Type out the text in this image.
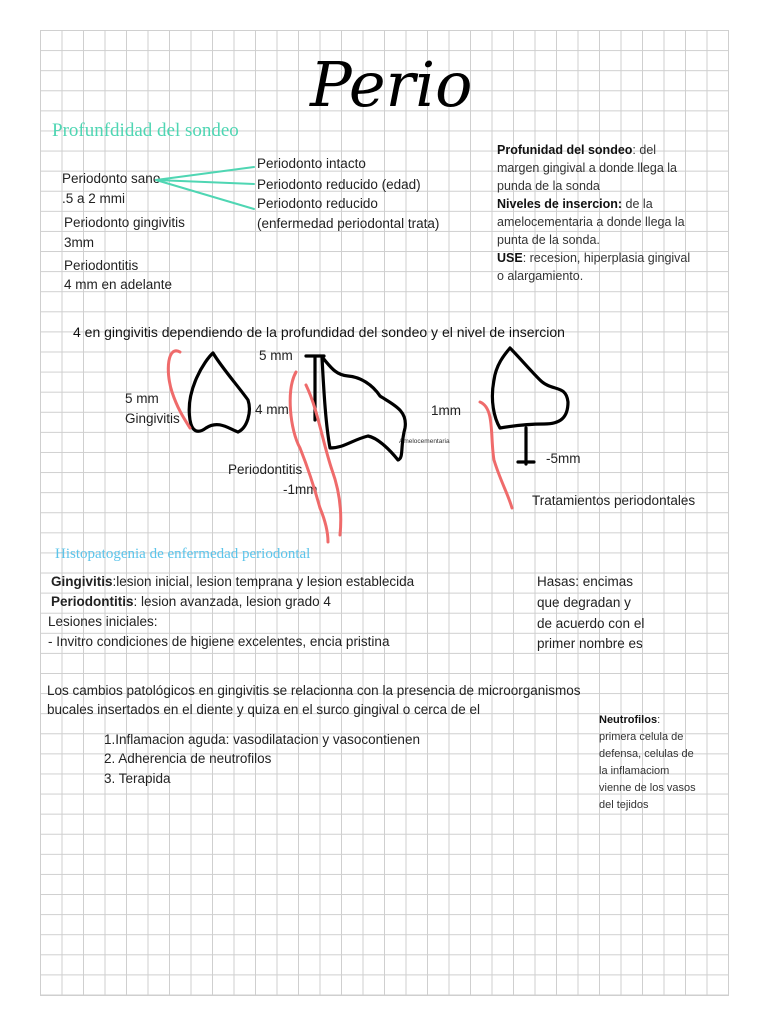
Perio
Profunfdidad del sondeo
Periodonto sano
.5 a 2 mmi
Periodonto gingivitis
3mm
Periodontitis
4 mm en adelante
Periodonto intacto
Periodonto reducido (edad)
Periodonto reducido
(enfermedad periodontal trata)
Profunidad del sondeo: del
margen gingival a donde llega la
punda de la sonda
Niveles de insercion: de la
amelocementaria a donde llega la
punta de la sonda.
USE: recesion, hiperplasia gingival
o alargamiento.
4 en gingivitis dependiendo de la profundidad del sondeo y el nivel de insercion
5 mm
5 mm
Gingivitis
4 mm
Amelocementaria
Periodontitis
-1mm
1mm
-5mm
Tratamientos periodontales
Histopatogenia de enfermedad periodontal
Gingivitis:lesion inicial, lesion temprana y lesion establecida
Periodontitis: lesion avanzada, lesion grado 4
Lesiones iniciales:
- Invitro condiciones de higiene excelentes, encia pristina
Hasas: encimas
que degradan y
de acuerdo con el
primer nombre es
Los cambios patológicos en gingivitis se relacionna con la presencia de microorganismos
bucales insertados en el diente y quiza en el surco gingival o cerca de el
1.Inflamacion aguda: vasodilatacion y vasocontienen
2. Adherencia de neutrofilos
3. Terapida
Neutrofilos:
primera celula de
defensa, celulas de
la inflamaciom
vienne de los vasos
del tejidos
